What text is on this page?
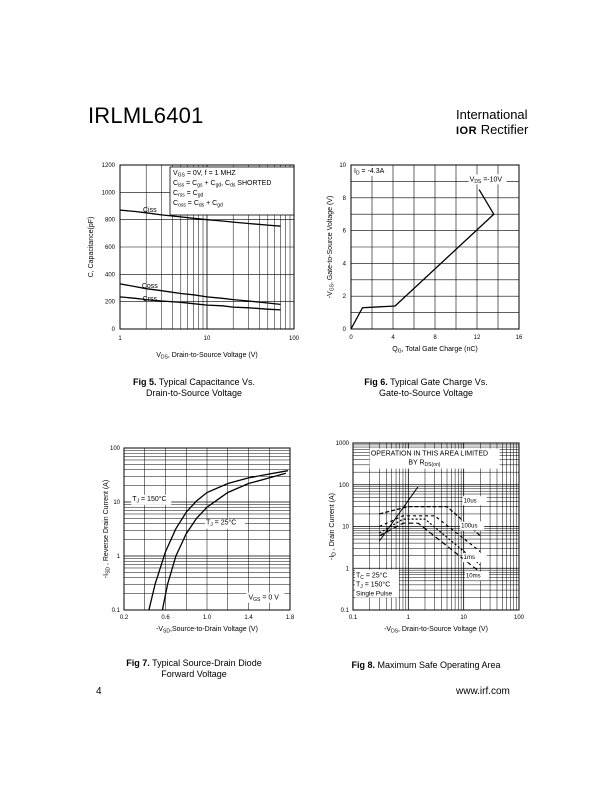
IRLML6401	International
IOR Rectifier
$V_{GS} = 0V$, f = 1 MHZ
$C_{iss} = C_{gs} + C_{gd}$, $C_{ds}$ SHORTED
$C_{rss} = C_{gd}$
$C_{oss} = C_{ds} + C_{gd}$
Ciss
Coss
Crss
0
200
400
600
800
1000
1200
1	10	100
$V_{DS}$, Drain-to-Source Voltage (V)
C, Capacitance(pF)
$I_D = -4.3A$
$V_{DS} =-10V$
0
2
4
6
8
10
0	4	8	12	16
$Q_G$, Total Gate Charge (nC)
$-V_{GS}$, Gate-to-Source Voltage (V)
$T_J = 150^\circ C$
$T_J = 25^\circ C$
$V_{GS} = 0$ V
0.1
1
10
100
0.2	0.6	1.0	1.4	1.8
$-V_{SD},Source-to$-Drain Voltage (V)
$-I_{SD}$ , Reverse Drain Current (A)
OPERATION IN THIS AREA LIMITED
BY $R_{DS(on)}$
10us
100us
1ms
10ms
$T_C = 25^\circ C$
$T_J = 150^\circ C$
Single Pulse
0.1
1
10
100
1000
0.1	1	10	100
$-V_{DS}$, Drain-to-Source Voltage (V)
$-I_D$ , Drain Current (A)
Fig 5. Typical Capacitance Vs.
Drain-to-Source Voltage
Fig 6. Typical Gate Charge Vs.
Gate-to-Source Voltage
Fig 7. Typical Source-Drain Diode
Forward Voltage
Fig 8. Maximum Safe Operating Area
4	www.irf.com
